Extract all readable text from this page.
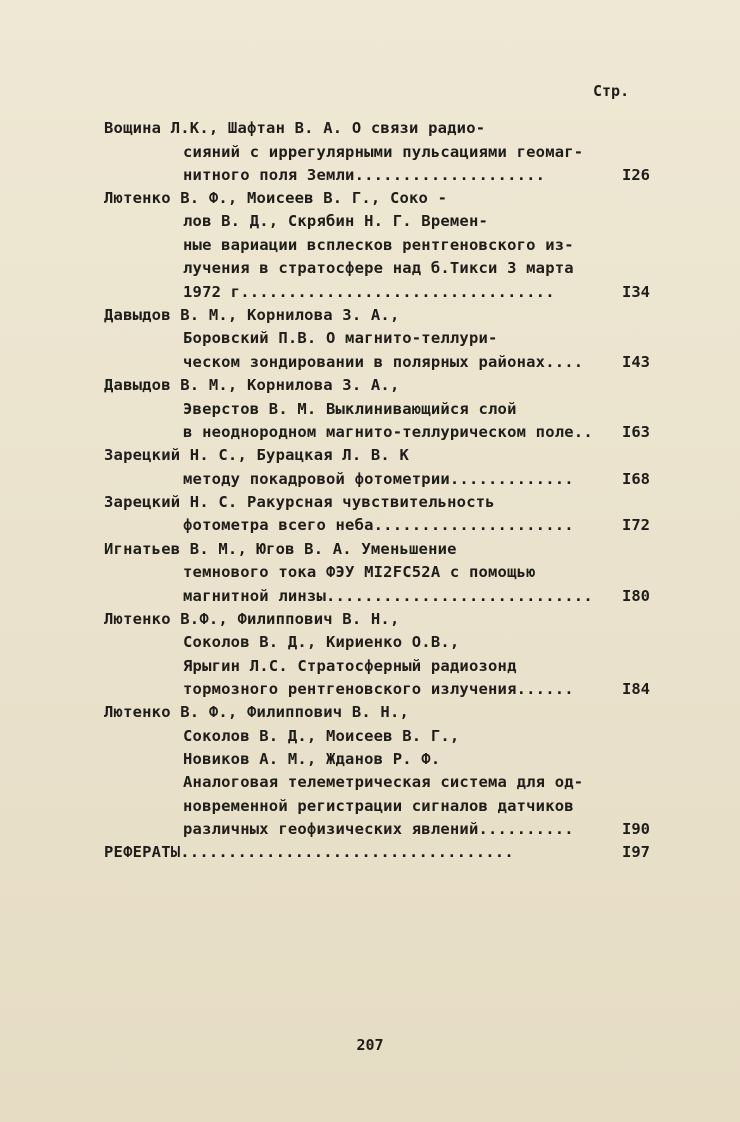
Стр.
Вощина Л.К., Шафтан В. А. О связи радио-
сияний с иррегулярными пульсациями геомаг-
нитного поля Земли....................
Лютенко В. Ф., Моисеев В. Г., Соко -
лов В. Д., Скрябин Н. Г. Времен-
ные вариации всплесков рентгеновского из-
лучения в стратосфере над б.Тикси 3 марта
1972 г.................................
Давыдов В. М., Корнилова З. А.,
Боровский П.В. О магнито-теллури-
ческом зондировании в полярных районах....
Давыдов В. М., Корнилова З. А.,
Эверстов В. М. Выклинивающийся слой
в неоднородном магнито-теллурическом поле..
Зарецкий Н. С., Бурацкая Л. В. К
методу покадровой фотометрии.............
Зарецкий Н. С. Ракурсная чувствительность
фотометра всего неба.....................
Игнатьев В. М., Югов В. А. Уменьшение
темнового тока ФЭУ MI2FC52A с помощью
магнитной линзы............................
Лютенко В.Ф., Филиппович В. Н.,
Соколов В. Д., Кириенко О.В.,
Ярыгин Л.С. Стратосферный радиозонд
тормозного рентгеновского излучения......
Лютенко В. Ф., Филиппович В. Н.,
Соколов В. Д., Моисеев В. Г.,
Новиков А. М., Жданов Р. Ф.
Аналоговая телеметрическая система для од-
новременной регистрации сигналов датчиков
различных геофизических явлений..........
РЕФЕРАТЫ...................................
I26
I34
I43
I63
I68
I72
I80
I84
I90
I97
207
